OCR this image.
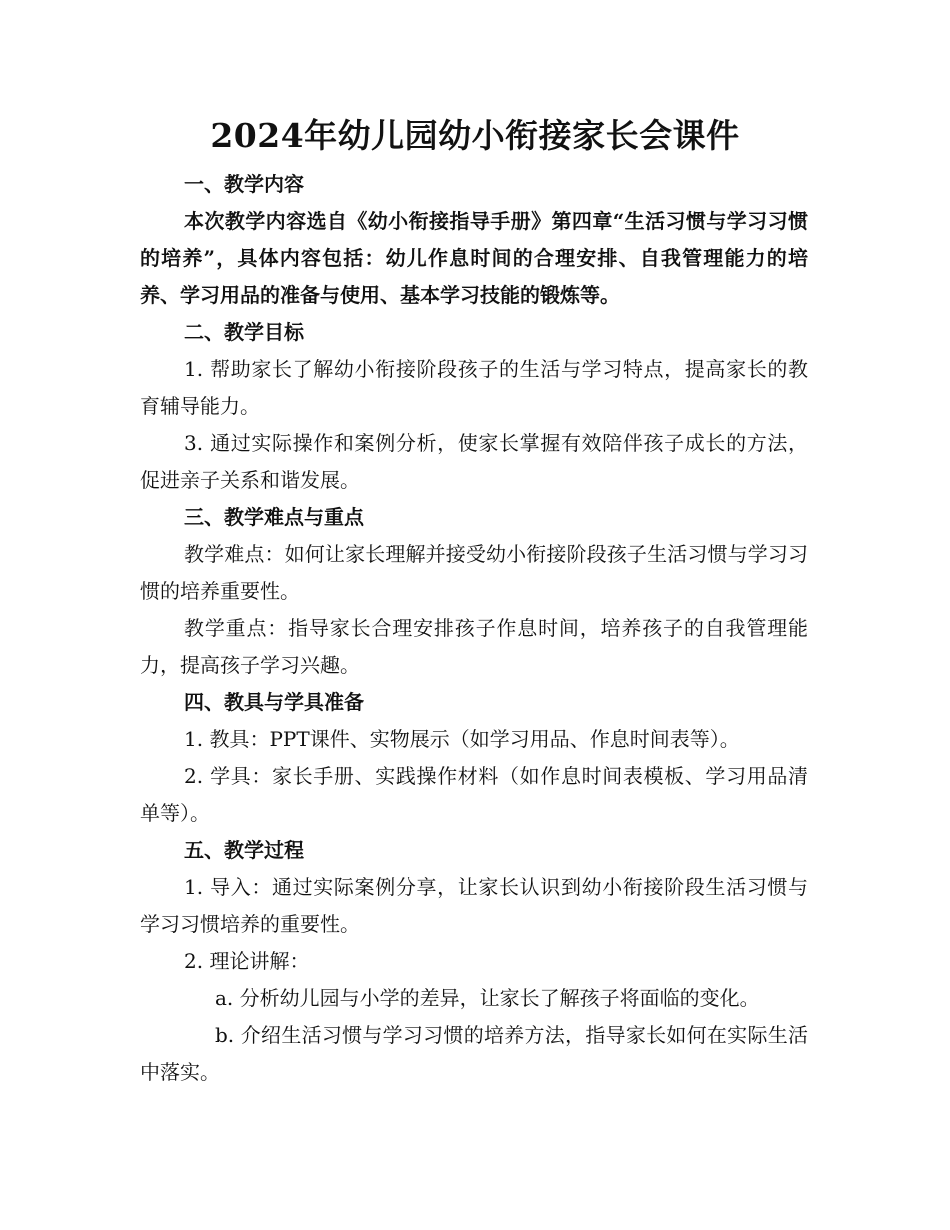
2024年幼儿园幼小衔接家长会课件

一、教学内容

本次教学内容选自《幼小衔接指导手册》第四章“生活习惯与学习习惯的培养”，具体内容包括：幼儿作息时间的合理安排、自我管理能力的培养、学习用品的准备与使用、基本学习技能的锻炼等。

二、教学目标

1. 帮助家长了解幼小衔接阶段孩子的生活与学习特点，提高家长的教育辅导能力。

3. 通过实际操作和案例分析，使家长掌握有效陪伴孩子成长的方法，促进亲子关系和谐发展。

三、教学难点与重点

教学难点：如何让家长理解并接受幼小衔接阶段孩子生活习惯与学习习惯的培养重要性。

教学重点：指导家长合理安排孩子作息时间，培养孩子的自我管理能力，提高孩子学习兴趣。

四、教具与学具准备

1. 教具：PPT课件、实物展示（如学习用品、作息时间表等）。

2. 学具：家长手册、实践操作材料（如作息时间表模板、学习用品清单等）。

五、教学过程

1. 导入：通过实际案例分享，让家长认识到幼小衔接阶段生活习惯与学习习惯培养的重要性。

2. 理论讲解：

a. 分析幼儿园与小学的差异，让家长了解孩子将面临的变化。

b. 介绍生活习惯与学习习惯的培养方法，指导家长如何在实际生活中落实。
